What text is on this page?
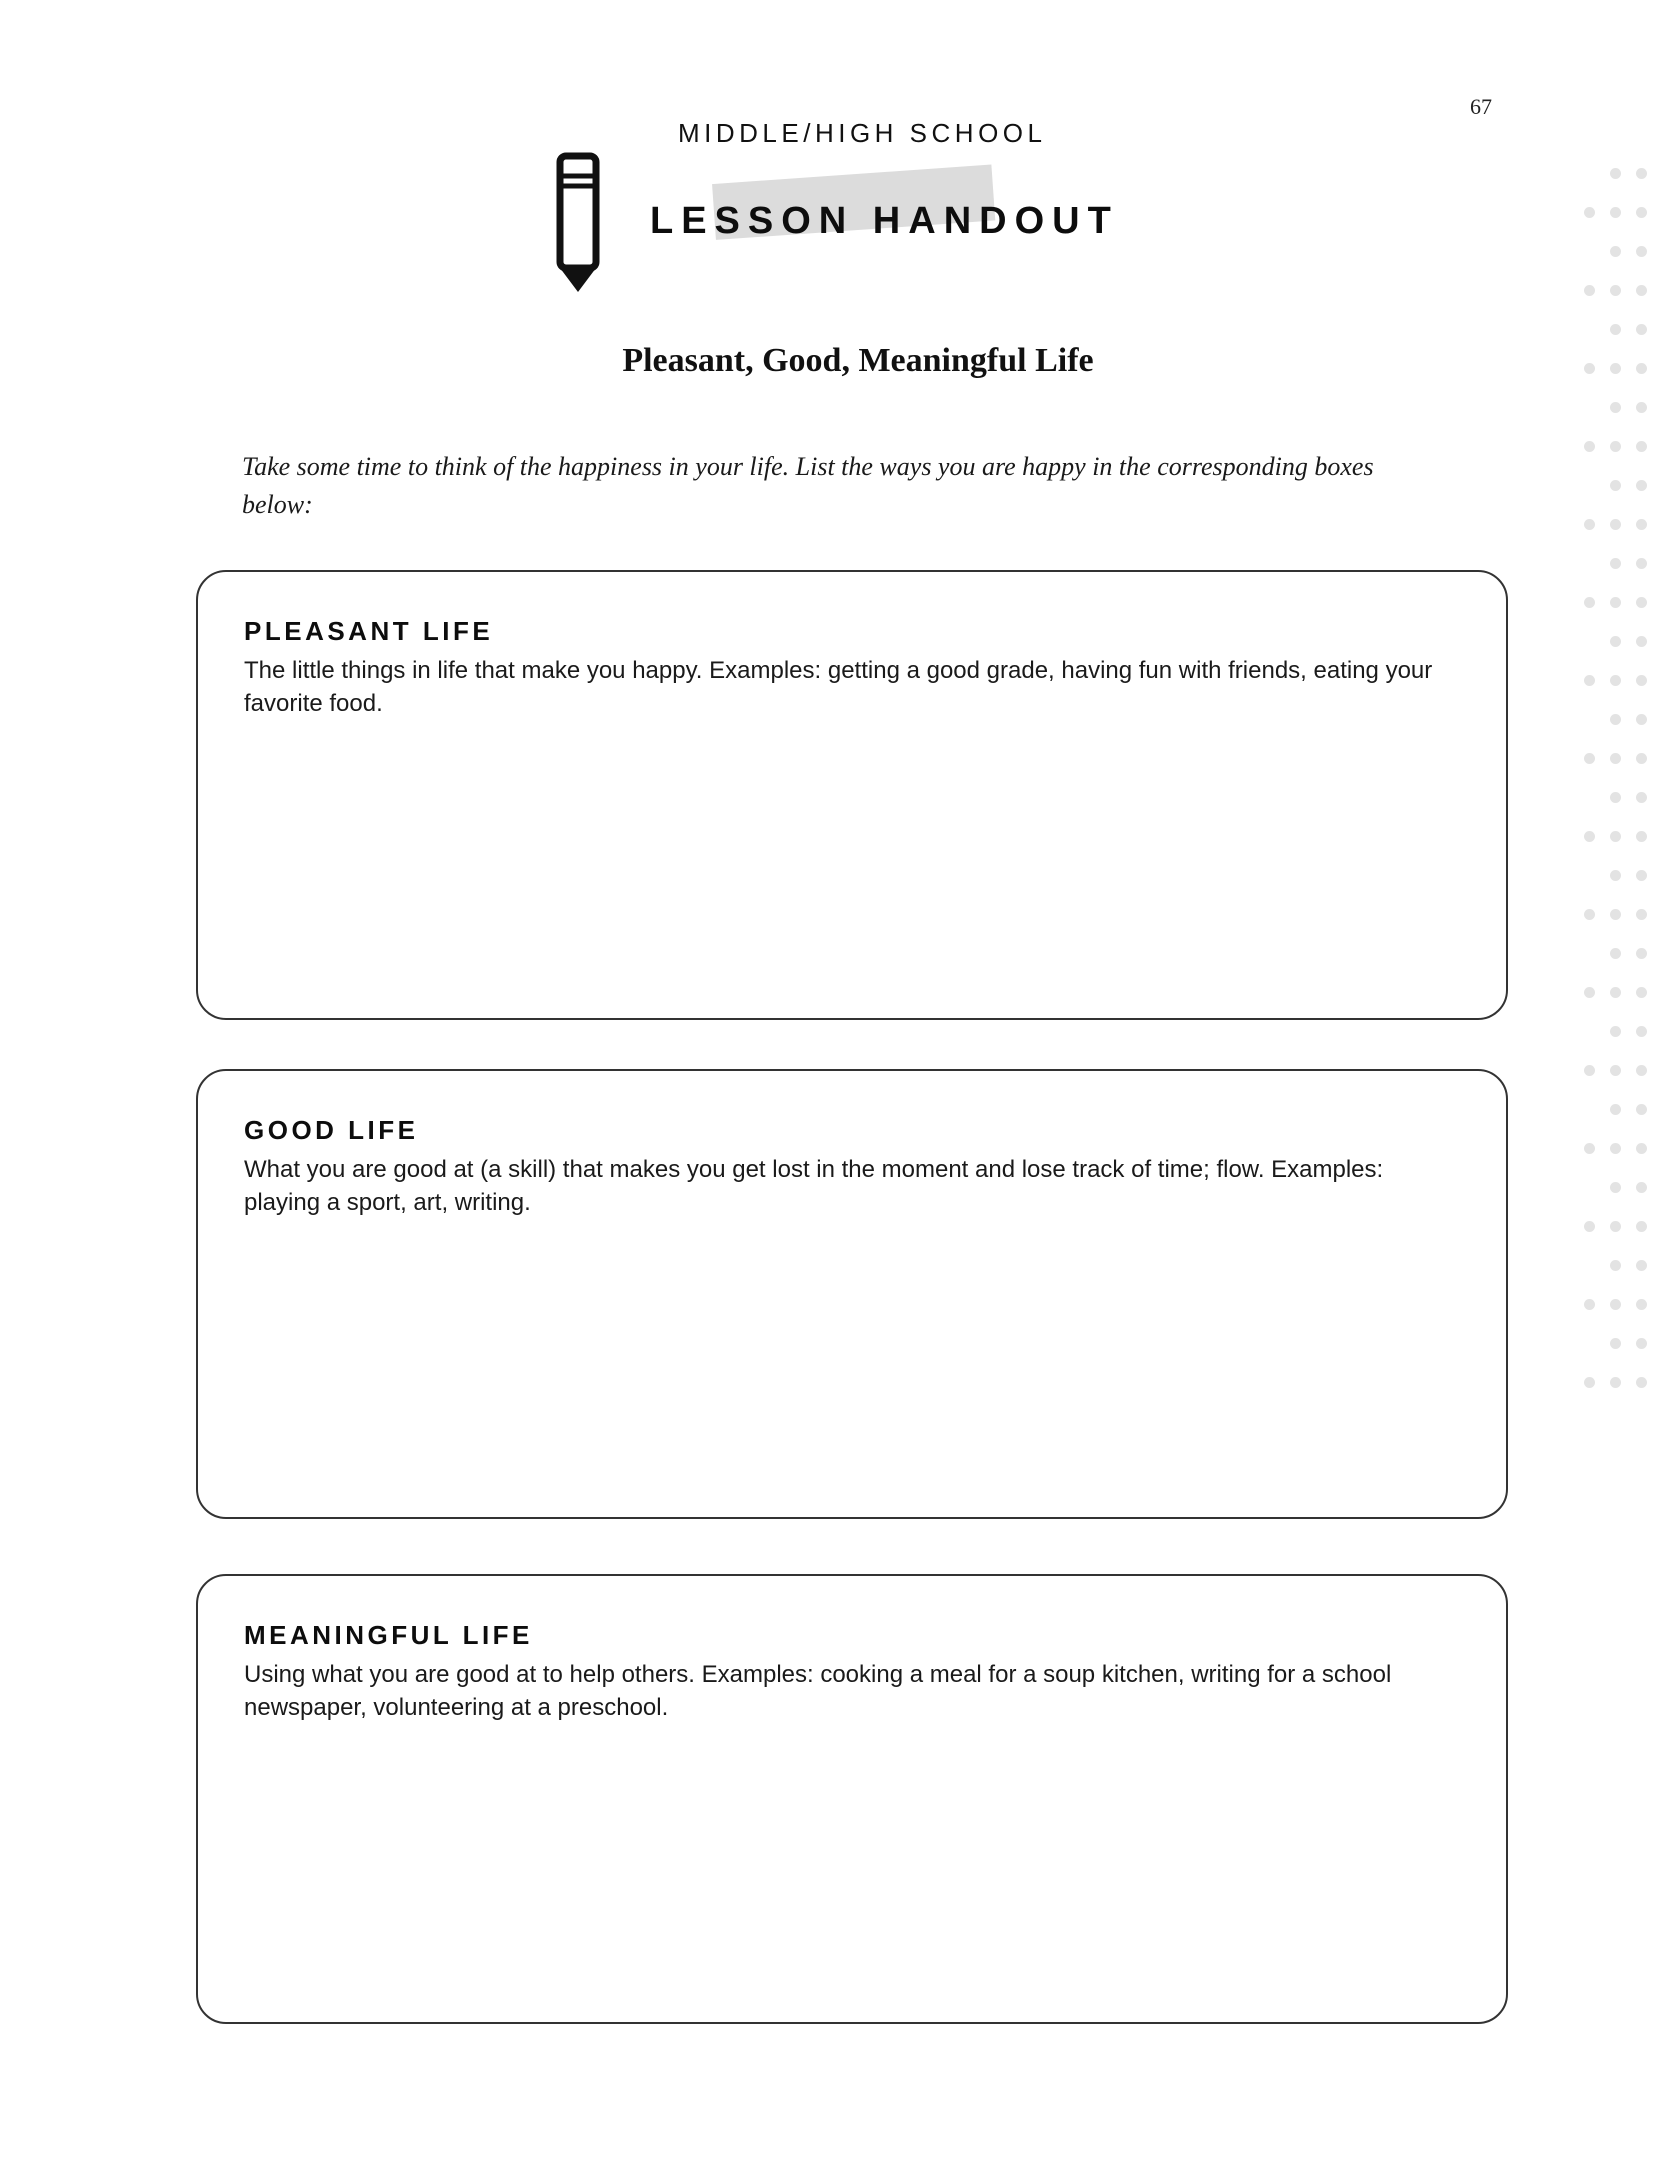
67
MIDDLE/HIGH SCHOOL
LESSON HANDOUT
Pleasant, Good, Meaningful Life
Take some time to think of the happiness in your life. List the ways you are happy in the corresponding boxes below:
PLEASANT LIFE
The little things in life that make you happy. Examples: getting a good grade, having fun with friends, eating your favorite food.
GOOD LIFE
What you are good at (a skill) that makes you get lost in the moment and lose track of time; flow. Examples: playing a sport, art, writing.
MEANINGFUL LIFE
Using what you are good at to help others. Examples: cooking a meal for a soup kitchen, writing for a school newspaper, volunteering at a preschool.
